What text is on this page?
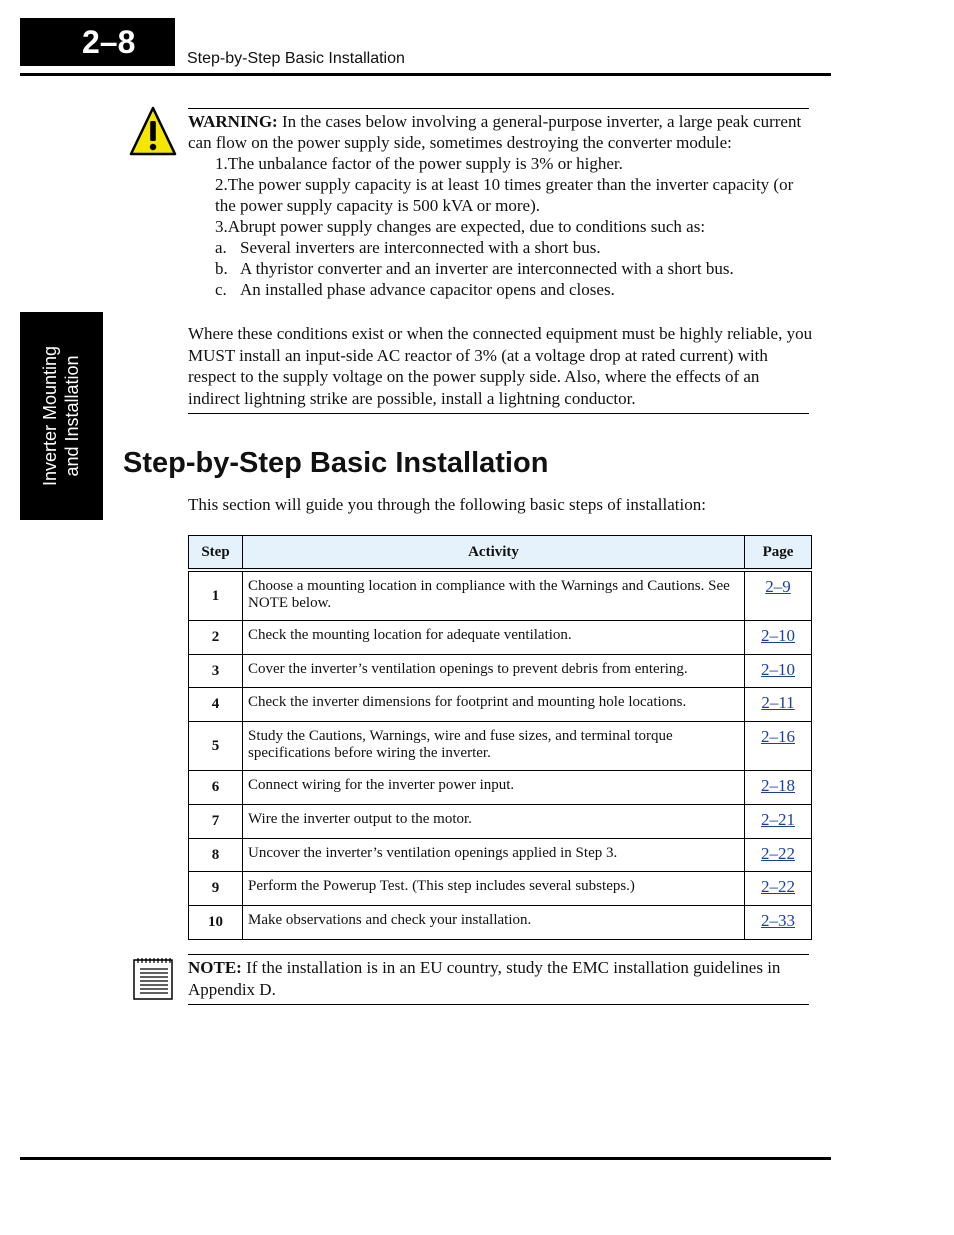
2–8	Step-by-Step Basic Installation
Inverter Mounting and Installation

WARNING: In the cases below involving a general-purpose inverter, a large peak current can flow on the power supply side, sometimes destroying the converter module:

1.The unbalance factor of the power supply is 3% or higher.

2.The power supply capacity is at least 10 times greater than the inverter capacity (or the power supply capacity is 500 kVA or more).

3.Abrupt power supply changes are expected, due to conditions such as:

a. Several inverters are interconnected with a short bus.
b. A thyristor converter and an inverter are interconnected with a short bus.
c. An installed phase advance capacitor opens and closes.

Where these conditions exist or when the connected equipment must be highly reliable, you MUST install an input-side AC reactor of 3% (at a voltage drop at rated current) with respect to the supply voltage on the power supply side. Also, where the effects of an indirect lightning strike are possible, install a lightning conductor.

Step-by-Step Basic Installation

This section will guide you through the following basic steps of installation:

Step	Activity	Page
1	Choose a mounting location in compliance with the Warnings and Cautions. See NOTE below.	2–9
2	Check the mounting location for adequate ventilation.	2–10
3	Cover the inverter’s ventilation openings to prevent debris from entering.	2–10
4	Check the inverter dimensions for footprint and mounting hole locations.	2–11
5	Study the Cautions, Warnings, wire and fuse sizes, and terminal torque specifications before wiring the inverter.	2–16
6	Connect wiring for the inverter power input.	2–18
7	Wire the inverter output to the motor.	2–21
8	Uncover the inverter’s ventilation openings applied in Step 3.	2–22
9	Perform the Powerup Test. (This step includes several substeps.)	2–22
10	Make observations and check your installation.	2–33

NOTE: If the installation is in an EU country, study the EMC installation guidelines in Appendix D.
